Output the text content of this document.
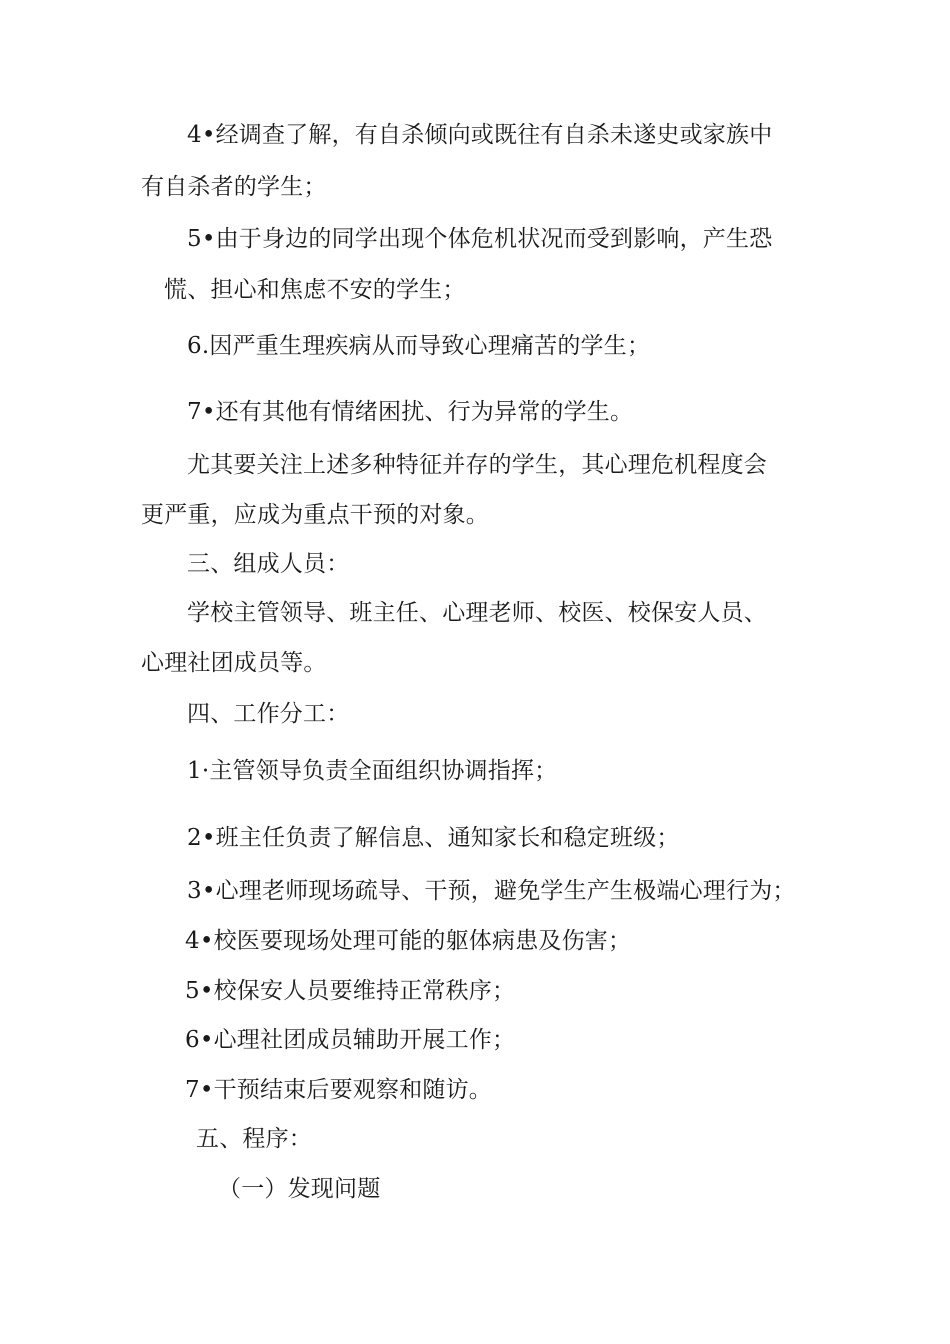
4•经调查了解，有自杀倾向或既往有自杀未遂史或家族中
有自杀者的学生；
5•由于身边的同学出现个体危机状况而受到影响，产生恐
慌、担心和焦虑不安的学生；
6.因严重生理疾病从而导致心理痛苦的学生；
7•还有其他有情绪困扰、行为异常的学生。
尤其要关注上述多种特征并存的学生，其心理危机程度会
更严重，应成为重点干预的对象。
三、组成人员：
学校主管领导、班主任、心理老师、校医、校保安人员、
心理社团成员等。
四、工作分工：
1·主管领导负责全面组织协调指挥；
2•班主任负责了解信息、通知家长和稳定班级；
3•心理老师现场疏导、干预，避免学生产生极端心理行为；
4•校医要现场处理可能的躯体病患及伤害；
5•校保安人员要维持正常秩序；
6•心理社团成员辅助开展工作；
7•干预结束后要观察和随访。
五、程序：
（一）发现问题
